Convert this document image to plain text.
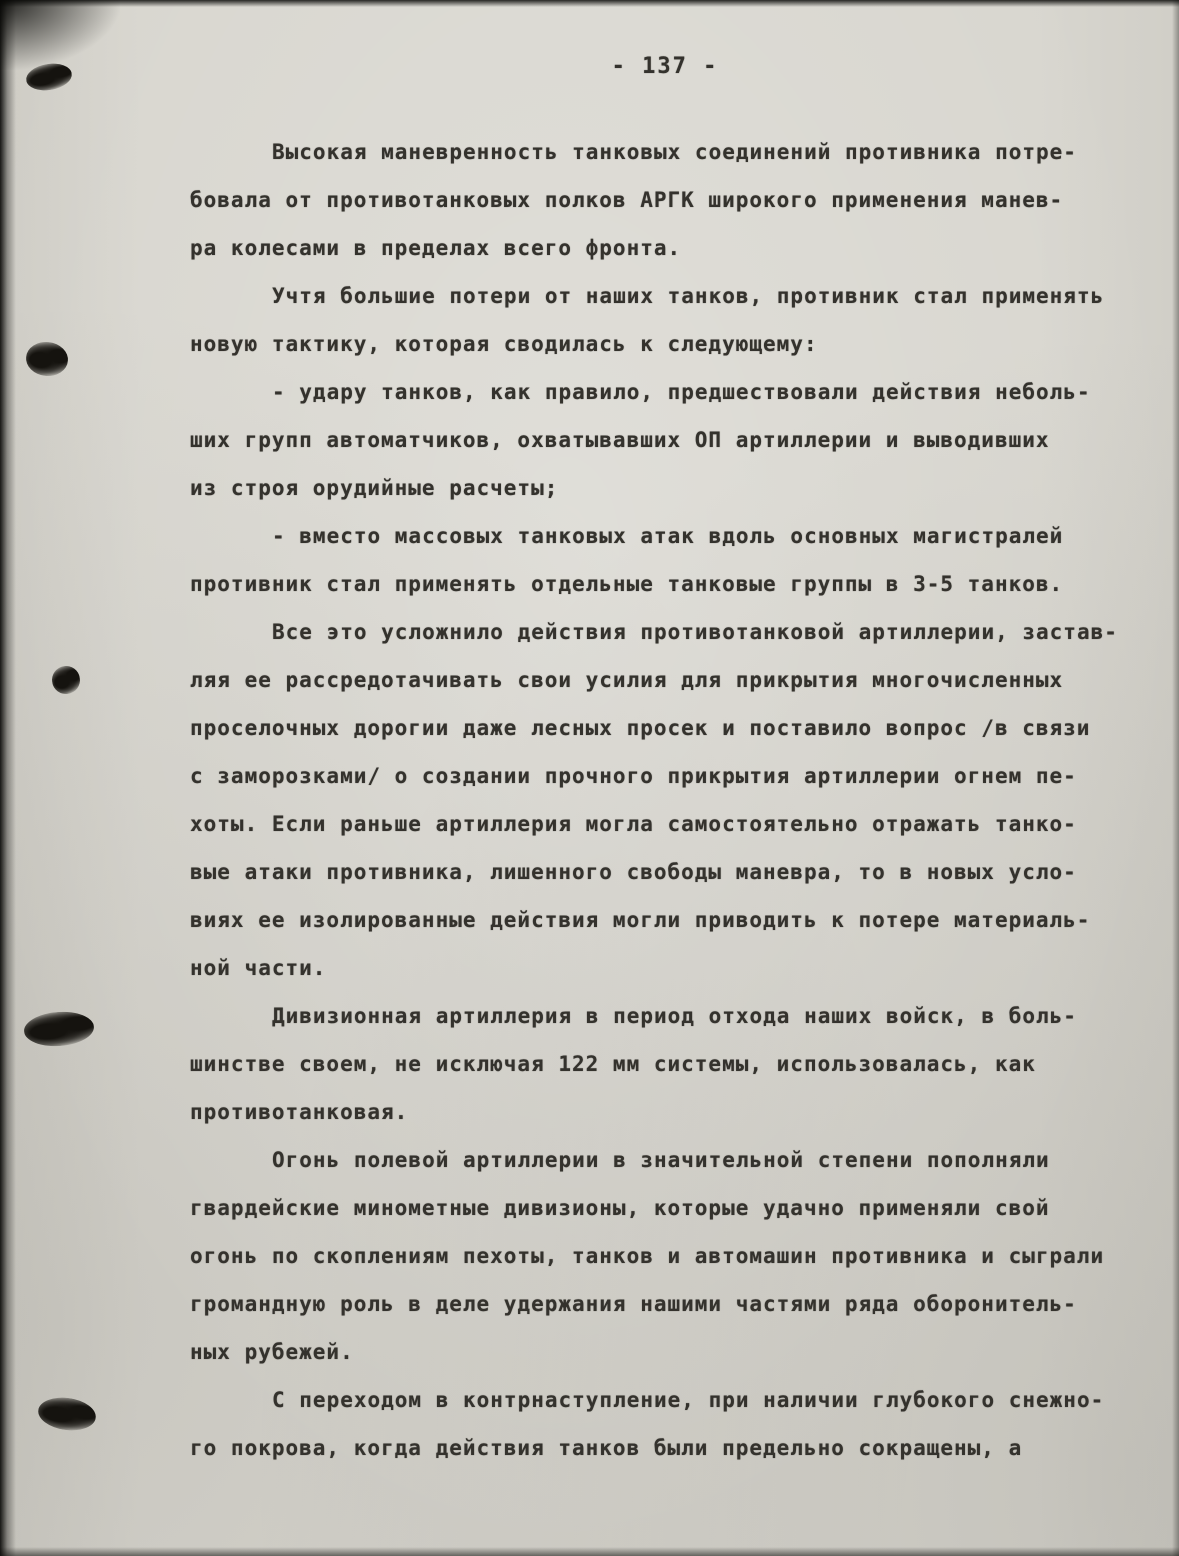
- 137 -
Высокая маневренность танковых соединений противника потре-
бовала от противотанковых полков АРГК широкого применения манев-
ра колесами в пределах всего фронта.
Учтя большие потери от наших танков, противник стал применять
новую тактику, которая сводилась к следующему:
- удару танков, как правило, предшествовали действия неболь-
ших групп автоматчиков, охватывавших ОП артиллерии и выводивших
из строя орудийные расчеты;
- вместо массовых танковых атак вдоль основных магистралей
противник стал применять отдельные танковые группы в 3-5 танков.
Все это усложнило действия противотанковой артиллерии, застав-
ляя ее рассредотачивать свои усилия для прикрытия многочисленных
проселочных дорогии даже лесных просек и поставило вопрос /в связи
с заморозками/ о создании прочного прикрытия артиллерии огнем пе-
хоты. Если раньше артиллерия могла самостоятельно отражать танко-
вые атаки противника, лишенного свободы маневра, то в новых усло-
виях ее изолированные действия могли приводить к потере материаль-
ной части.
Дивизионная артиллерия в период отхода наших войск, в боль-
шинстве своем, не исключая 122 мм системы, использовалась, как
противотанковая.
Огонь полевой артиллерии в значительной степени пополняли
гвардейские минометные дивизионы, которые удачно применяли свой
огонь по скоплениям пехоты, танков и автомашин противника и сыграли
громандную роль в деле удержания нашими частями ряда оборонитель-
ных рубежей.
С переходом в контрнаступление, при наличии глубокого снежно-
го покрова, когда действия танков были предельно сокращены, а
